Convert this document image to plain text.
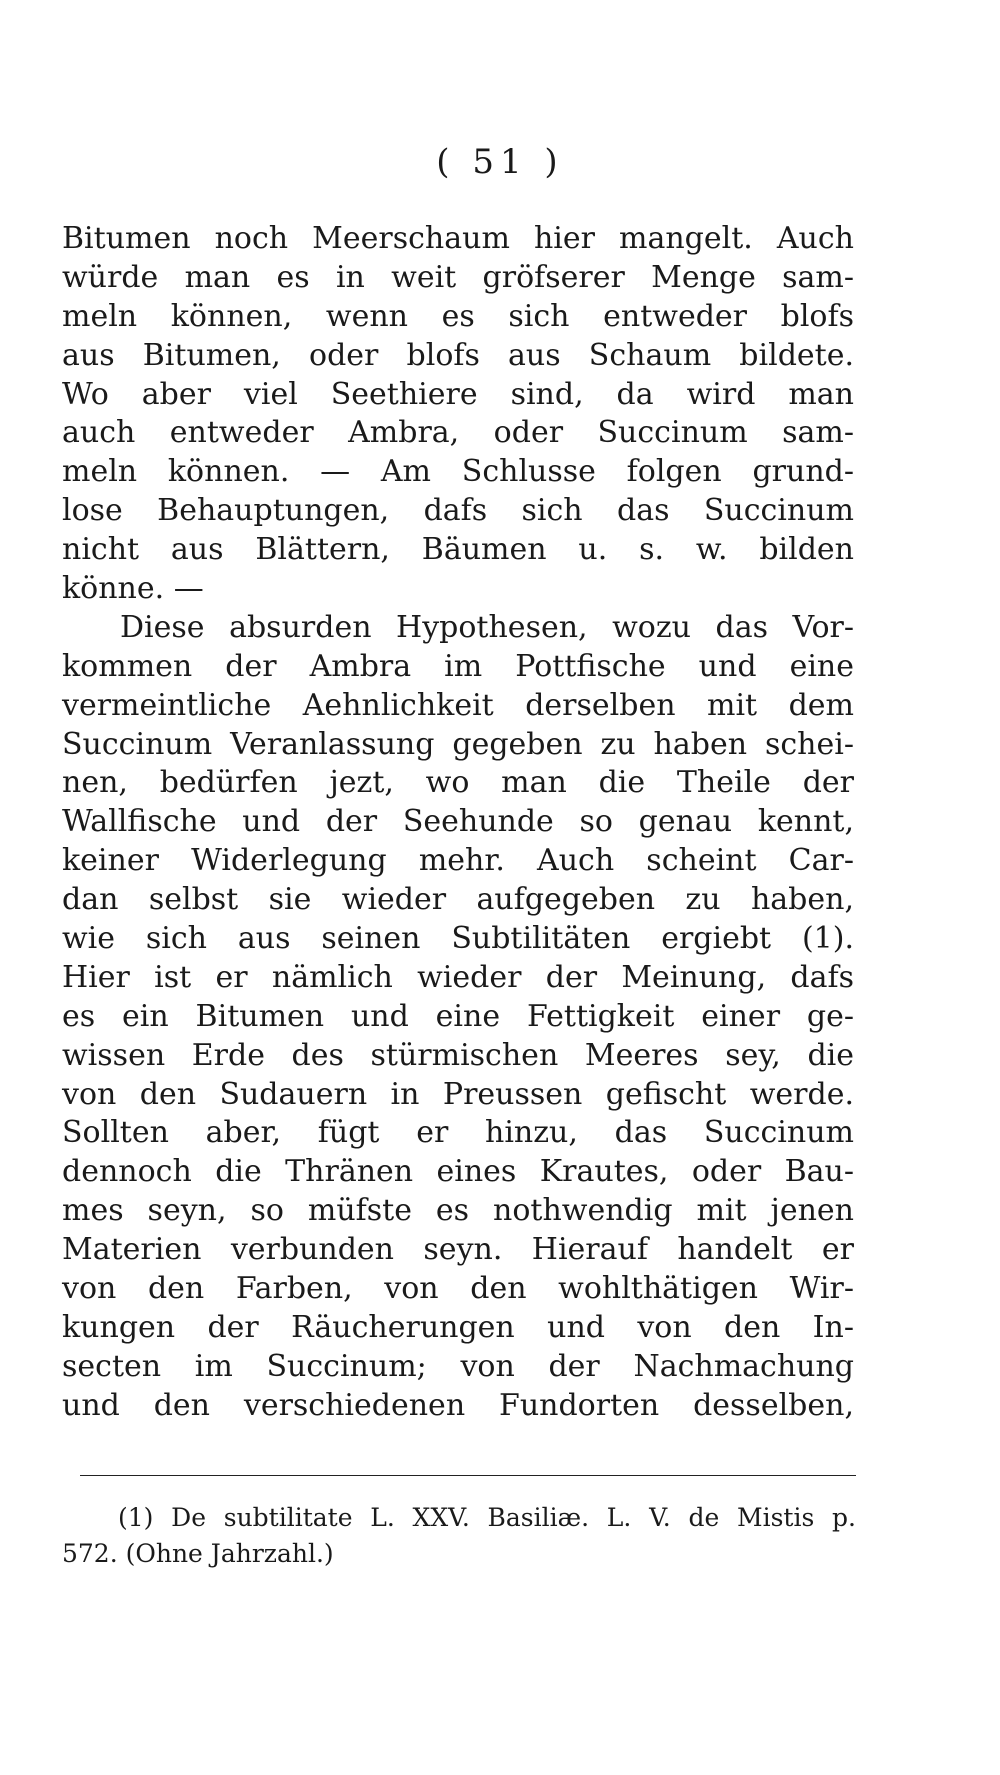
( 51 )
Bitumen noch Meerschaum hier mangelt. Auch
würde man es in weit gröfserer Menge sam-
meln können, wenn es sich entweder blofs
aus Bitumen, oder blofs aus Schaum bildete.
Wo aber viel Seethiere sind, da wird man
auch entweder Ambra, oder Succinum sam-
meln können. — Am Schlusse folgen grund-
lose Behauptungen, dafs sich das Succinum
nicht aus Blättern, Bäumen u. s. w. bilden
könne. —
Diese absurden Hypothesen, wozu das Vor-
kommen der Ambra im Pottfische und eine
vermeintliche Aehnlichkeit derselben mit dem
Succinum Veranlassung gegeben zu haben schei-
nen, bedürfen jezt, wo man die Theile der
Wallfische und der Seehunde so genau kennt,
keiner Widerlegung mehr. Auch scheint Car-
dan selbst sie wieder aufgegeben zu haben,
wie sich aus seinen Subtilitäten ergiebt (1).
Hier ist er nämlich wieder der Meinung, dafs
es ein Bitumen und eine Fettigkeit einer ge-
wissen Erde des stürmischen Meeres sey, die
von den Sudauern in Preussen gefischt werde.
Sollten aber, fügt er hinzu, das Succinum
dennoch die Thränen eines Krautes, oder Bau-
mes seyn, so müfste es nothwendig mit jenen
Materien verbunden seyn. Hierauf handelt er
von den Farben, von den wohlthätigen Wir-
kungen der Räucherungen und von den In-
secten im Succinum; von der Nachmachung
und den verschiedenen Fundorten desselben,
(1) De subtilitate L. XXV. Basiliæ. L. V. de Mistis p.
572. (Ohne Jahrzahl.)
